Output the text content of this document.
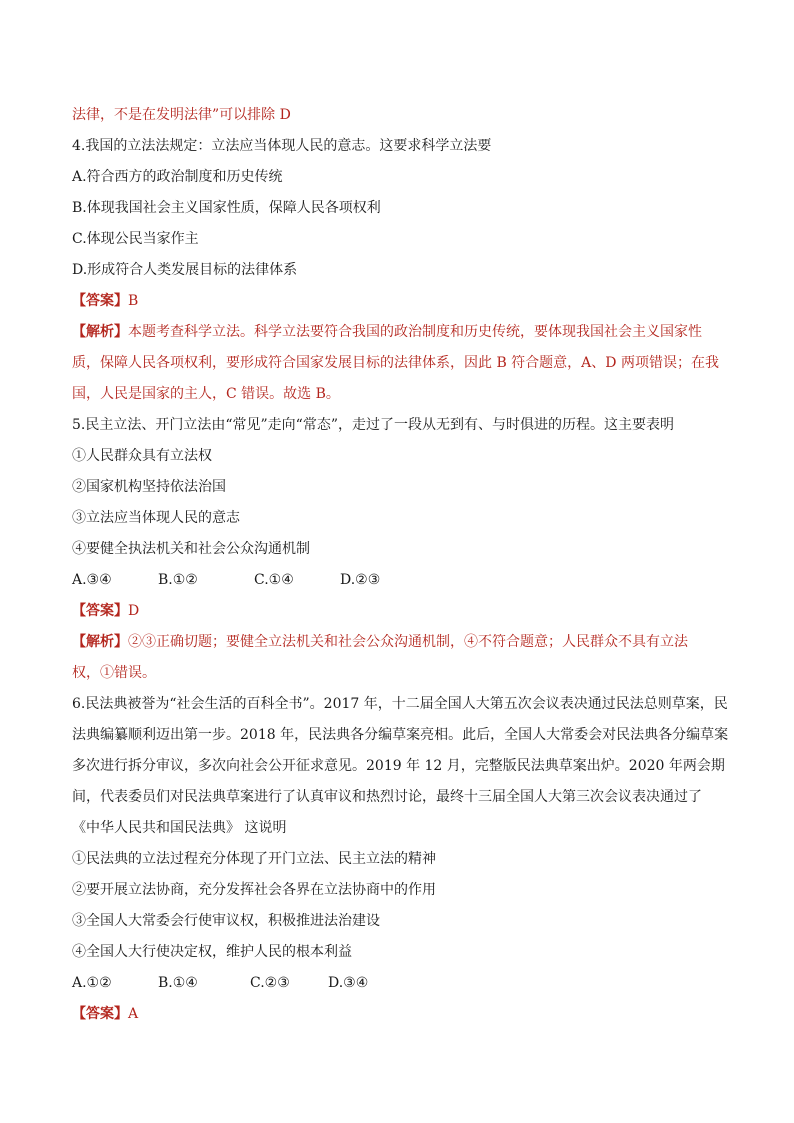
法律，不是在发明法律”可以排除 D
4.我国的立法法规定：立法应当体现人民的意志。这要求科学立法要
A.符合西方的政治制度和历史传统
B.体现我国社会主义国家性质，保障人民各项权利
C.体现公民当家作主
D.形成符合人类发展目标的法律体系
【答案】B
【解析】本题考查科学立法。科学立法要符合我国的政治制度和历史传统，要体现我国社会主义国家性
质，保障人民各项权利，要形成符合国家发展目标的法律体系，因此 B 符合题意，A、D 两项错误；在我
国，人民是国家的主人，C 错误。故选 B。
5.民主立法、开门立法由“常见”走向“常态”，走过了一段从无到有、与时俱进的历程。这主要表明
①人民群众具有立法权
②国家机构坚持依法治国
③立法应当体现人民的意志
④要健全执法机关和社会公众沟通机制
A.③④	B.①②	C.①④	D.②③
【答案】D
【解析】②③正确切题；要健全立法机关和社会公众沟通机制，④不符合题意；人民群众不具有立法
权，①错误。
6.民法典被誉为“社会生活的百科全书”。2017 年，十二届全国人大第五次会议表决通过民法总则草案，民
法典编纂顺利迈出第一步。2018 年，民法典各分编草案亮相。此后，全国人大常委会对民法典各分编草案
多次进行拆分审议，多次向社会公开征求意见。2019 年 12 月，完整版民法典草案出炉。2020 年两会期
间，代表委员们对民法典草案进行了认真审议和热烈讨论，最终十三届全国人大第三次会议表决通过了
《中华人民共和国民法典》 这说明
①民法典的立法过程充分体现了开门立法、民主立法的精神
②要开展立法协商，充分发挥社会各界在立法协商中的作用
③全国人大常委会行使审议权，积极推进法治建设
④全国人大行使决定权，维护人民的根本利益
A.①②	B.①④	C.②③	D.③④
【答案】A
